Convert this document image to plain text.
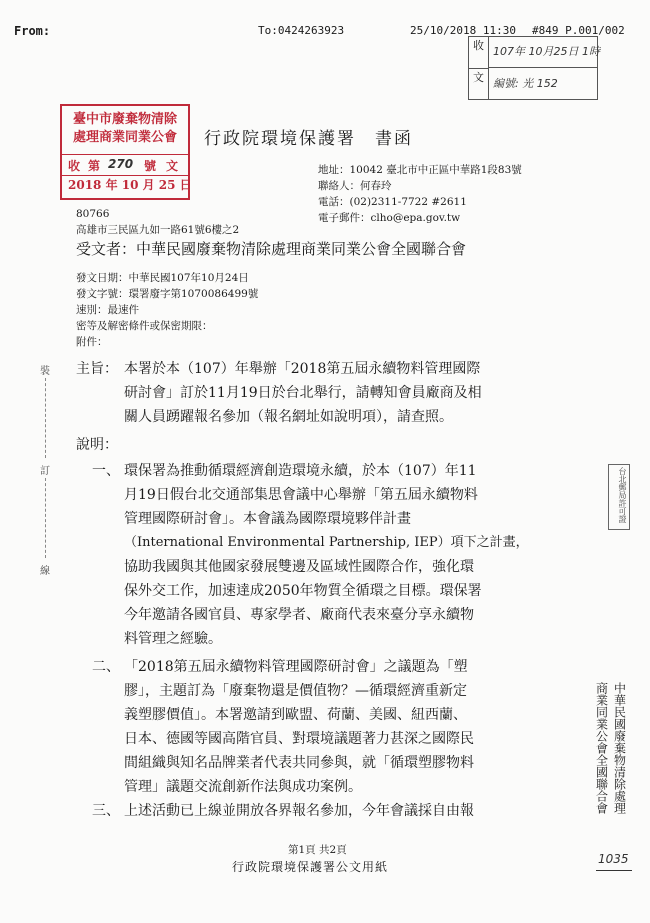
From:	To:0424263923	25/10/2018 11:30 #849 P.001/002
收
文
107年 10月25日 1時
編號: 光 152
臺中市廢棄物清除
處理商業同業公會
收 第 270 號 文
2018 年 10 月 25 日
行政院環境保護署　書函
地址：10042 臺北市中正區中華路1段83號
聯絡人：何春玲
電話：(02)2311-7722 #2611
電子郵件：clho@epa.gov.tw
80766
高雄市三民區九如一路61號6樓之2
受文者：中華民國廢棄物清除處理商業同業公會全國聯合會
發文日期：中華民國107年10月24日
發文字號：環署廢字第1070086499號
速別：最速件
密等及解密條件或保密期限：
附件：
裝
訂
線
主旨： 本署於本（107）年舉辦「2018第五屆永續物料管理國際
研討會」訂於11月19日於台北舉行，請轉知會員廠商及相
關人員踴躍報名參加（報名網址如說明項），請查照。
說明：
一、 環保署為推動循環經濟創造環境永續，於本（107）年11
月19日假台北交通部集思會議中心舉辦「第五屆永續物料
管理國際研討會」。本會議為國際環境夥伴計畫
（International Environmental Partnership, IEP）項下之計畫，
協助我國與其他國家發展雙邊及區域性國際合作，強化環
保外交工作，加速達成2050年物質全循環之目標。環保署
今年邀請各國官員、專家學者、廠商代表來臺分享永續物
料管理之經驗。
二、 「2018第五屆永續物料管理國際研討會」之議題為「塑
膠」，主題訂為「廢棄物還是價值物？—循環經濟重新定
義塑膠價值」。本署邀請到歐盟、荷蘭、美國、紐西蘭、
日本、德國等國高階官員、對環境議題著力甚深之國際民
間組織與知名品牌業者代表共同參與，就「循環塑膠物料
管理」議題交流創新作法與成功案例。
三、 上述活動已上線並開放各界報名參加，今年會議採自由報
台北郵局許可證
中華民國廢棄物清除處理
商業同業公會全國聯合會
1035
第1頁 共2頁
行政院環境保護署公文用紙
